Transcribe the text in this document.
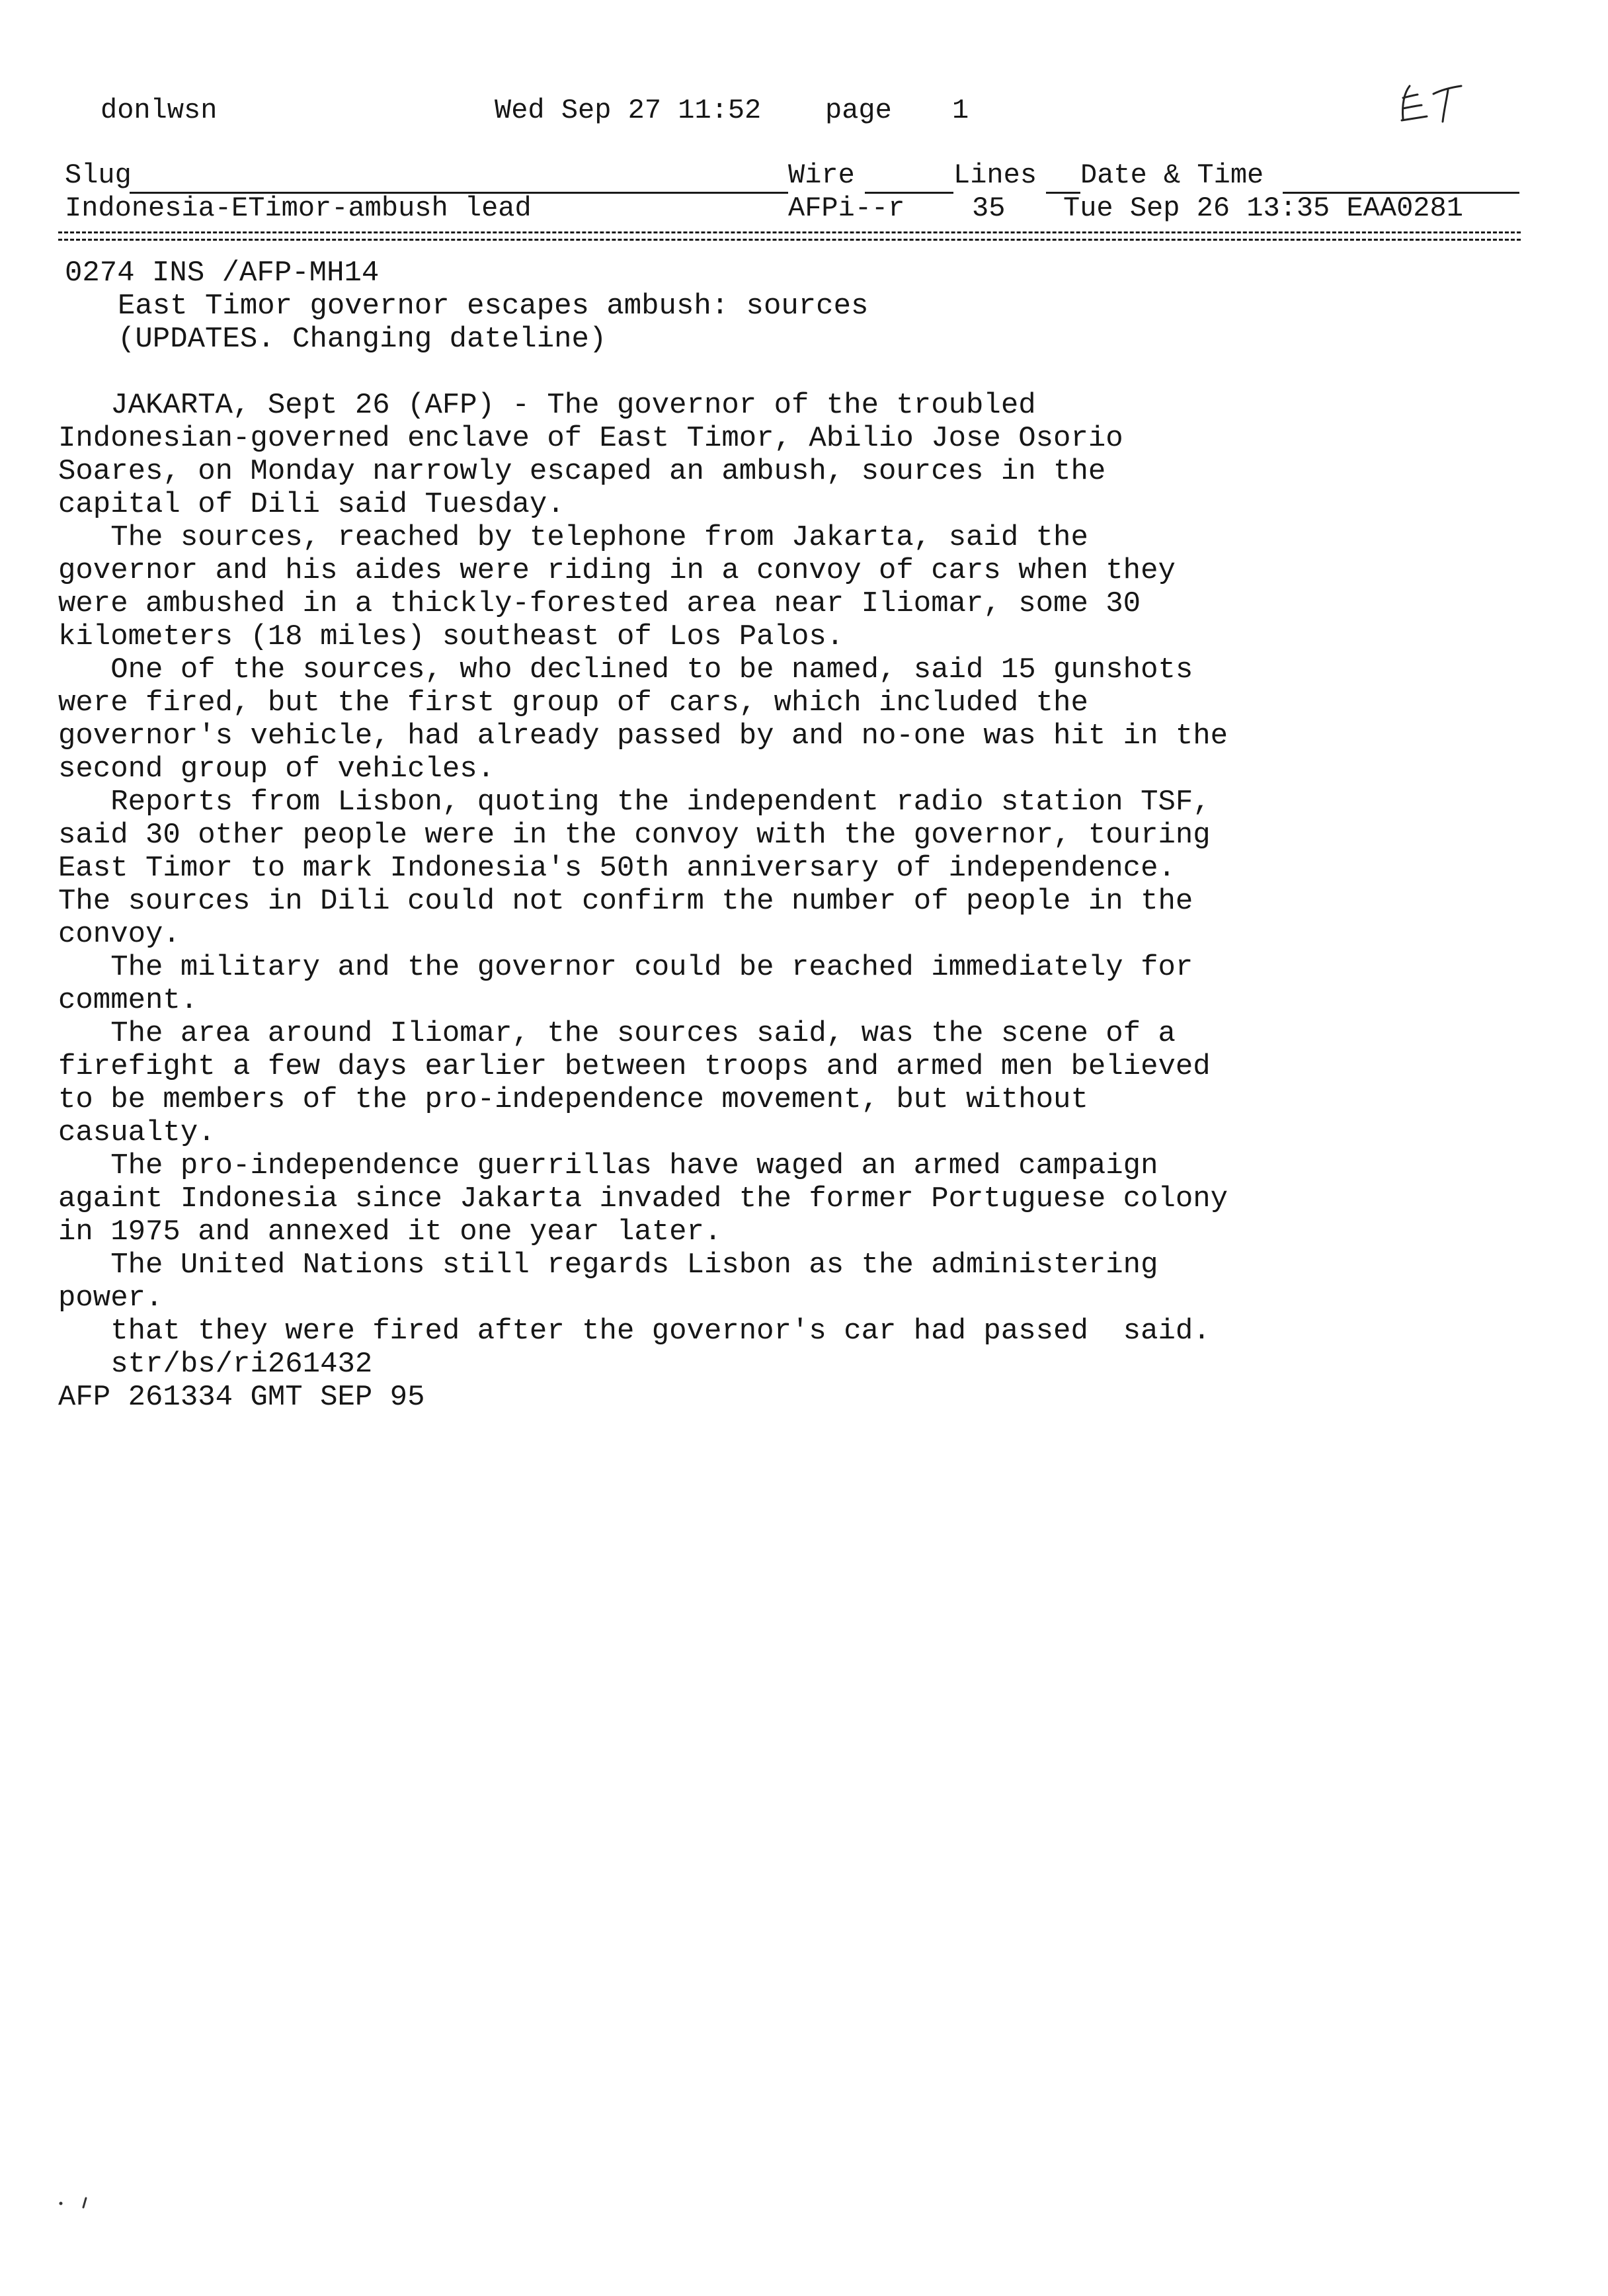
donlwsn	Wed Sep 27 11:52 page 1
Slug	Wire	Lines Date & Time
Indonesia-ETimor-ambush lead	AFPi--r 35 Tue Sep 26 13:35 EAA0281
0274 INS /AFP-MH14
East Timor governor escapes ambush: sources
(UPDATES. Changing dateline)
JAKARTA, Sept 26 (AFP) - The governor of the troubled
Indonesian-governed enclave of East Timor, Abilio Jose Osorio
Soares, on Monday narrowly escaped an ambush, sources in the
capital of Dili said Tuesday.
The sources, reached by telephone from Jakarta, said the
governor and his aides were riding in a convoy of cars when they
were ambushed in a thickly-forested area near Iliomar, some 30
kilometers (18 miles) southeast of Los Palos.
One of the sources, who declined to be named, said 15 gunshots
were fired, but the first group of cars, which included the
governor's vehicle, had already passed by and no-one was hit in the
second group of vehicles.
Reports from Lisbon, quoting the independent radio station TSF,
said 30 other people were in the convoy with the governor, touring
East Timor to mark Indonesia's 50th anniversary of independence.
The sources in Dili could not confirm the number of people in the
convoy.
The military and the governor could be reached immediately for
comment.
The area around Iliomar, the sources said, was the scene of a
firefight a few days earlier between troops and armed men believed
to be members of the pro-independence movement, but without
casualty.
The pro-independence guerrillas have waged an armed campaign
againt Indonesia since Jakarta invaded the former Portuguese colony
in 1975 and annexed it one year later.
The United Nations still regards Lisbon as the administering
power.
that they were fired after the governor's car had passed  said.
str/bs/ri261432
AFP 261334 GMT SEP 95
